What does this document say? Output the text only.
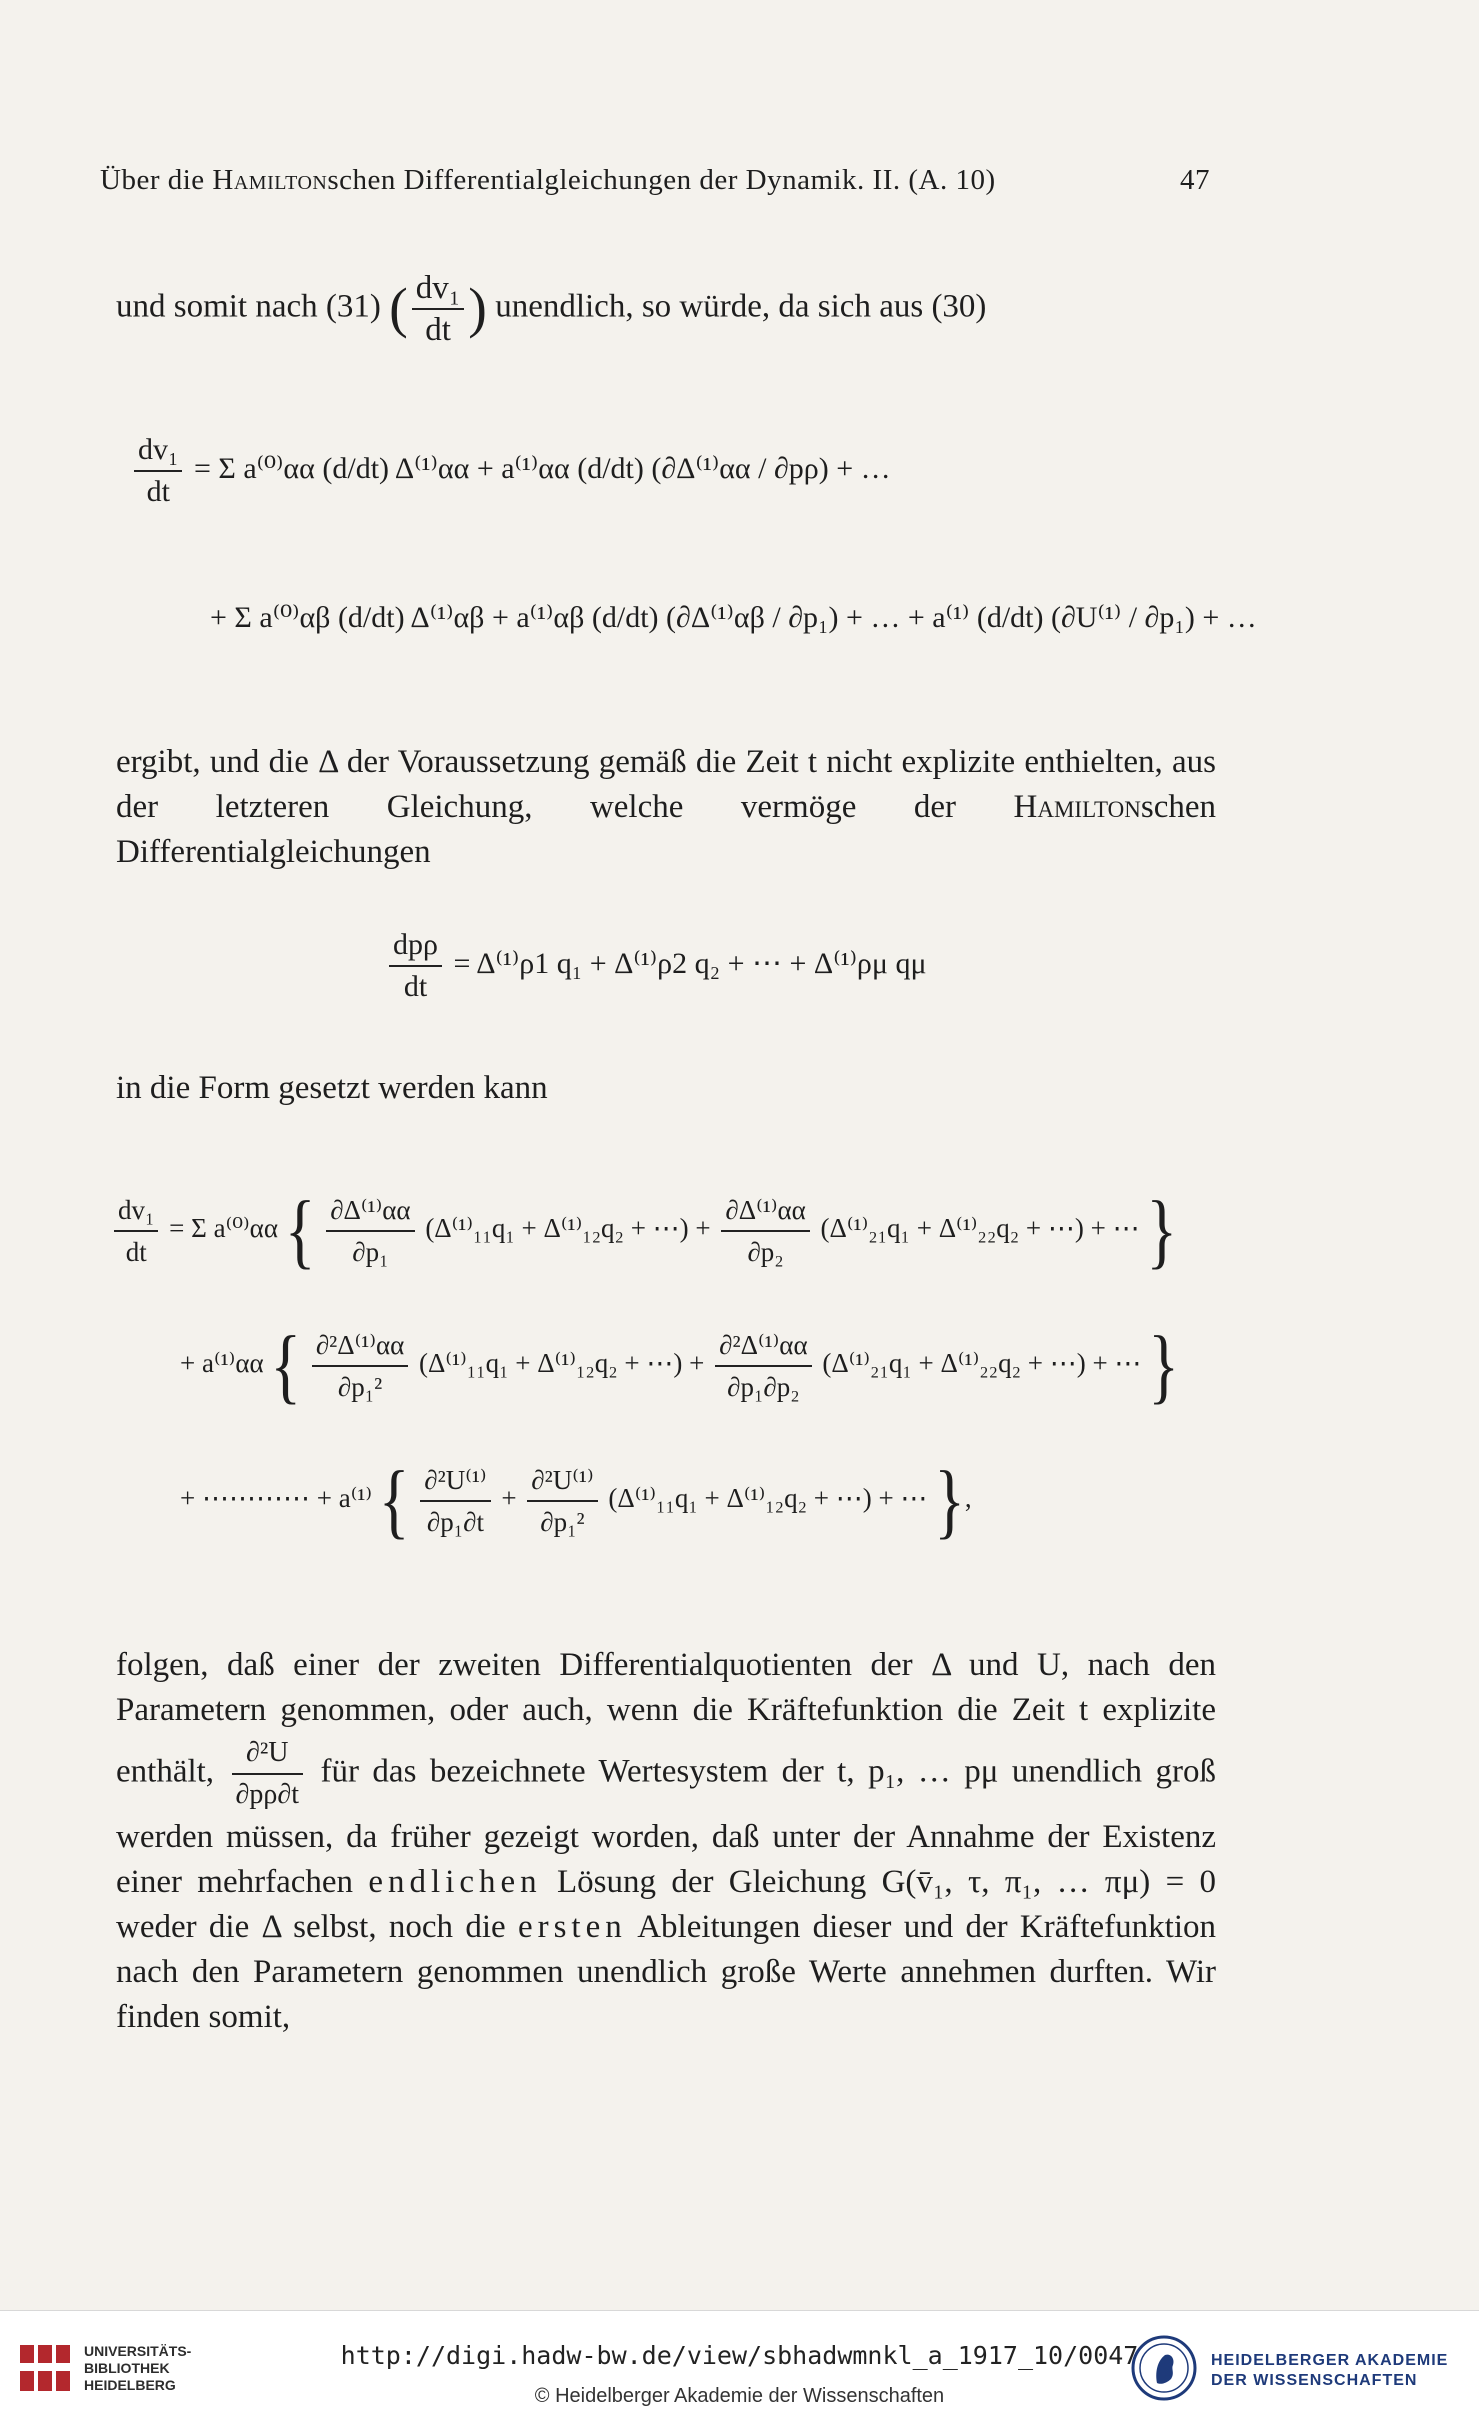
Über die Hamiltonschen Differentialgleichungen der Dynamik. II. (A. 10)	47
und somit nach (31) ( $\frac{\text{dv₁}}{dt}$ ) unendlich, so würde, da sich aus (30)
$\frac{\text{dv₁}}{dt} = \Sigma$ a⁽⁰⁾αα (d/dt) Δ⁽¹⁾αα + a⁽¹⁾αα (d/dt) (∂Δ⁽¹⁾αα / ∂pρ) + …
+ Σ a⁽⁰⁾αβ (d/dt) Δ⁽¹⁾αβ + a⁽¹⁾αβ (d/dt) (∂Δ⁽¹⁾αβ / ∂p₁) + … + a⁽¹⁾ (d/dt) (∂U⁽¹⁾ / ∂p₁) + …

ergibt, und die Δ der Voraussetzung gemäß die Zeit t nicht explizite enthielten, aus der letzteren Gleichung, welche vermöge der Hamiltonschen Differentialgleichungen

$\frac{\text{dpρ}}{dt} = \Delta^{(1)}\rho 1$ q₁ + Δ⁽¹⁾ρ2 q₂ + ⋯ + Δ⁽¹⁾ρμ qμ

in die Form gesetzt werden kann

$\frac{\text{dv₁}}{dt} = \Sigma$ a⁽⁰⁾αα { $\frac{\text{∂Δ⁽¹⁾αα}}{\text{∂p₁}} (\Delta^{(1)}_{11}q_1 + \Delta^{(1)}_{12}q_2$ + ⋯) + $\frac{\text{∂Δ⁽¹⁾αα}}{\text{∂p₂}} (\Delta^{(1)}_{21}q_1 + \Delta^{(1)}_{22}q_2$ + ⋯) + ⋯ }
+ a⁽¹⁾αα { $\frac{\text{∂²Δ⁽¹⁾αα}}{\text{∂p₁²}} (\Delta^{(1)}_{11}q_1 + \Delta^{(1)}_{12}q_2$ + ⋯) + $\frac{\text{∂²Δ⁽¹⁾αα}}{\text{∂p₁∂p₂}} (\Delta^{(1)}_{21}q_1 + \Delta^{(1)}_{22}q_2$ + ⋯) + ⋯ }
+ ⋯⋯⋯⋯ + a⁽¹⁾ { $\frac{\text{∂²U⁽¹⁾}}{\text{∂p₁∂t}} + \frac{\text{∂²U⁽¹⁾}}{\text{∂p₁²}} (\Delta^{(1)}_{11}q_1 + \Delta^{(1)}_{12}q_2$ + ⋯) + ⋯ },

folgen, daß einer der zweiten Differentialquotienten der Δ und U, nach den Parametern genommen, oder auch, wenn die Kräftefunktion die Zeit t explizite enthält, $\frac{\text{∂²U}}{\partial p\rho\partial t}$ für das bezeichnete Wertesystem der t, p₁, … pμ unendlich groß werden müssen, da früher gezeigt worden, daß unter der Annahme der Existenz einer mehrfachen endlichen Lösung der Gleichung G(v̄₁, τ, π₁, … πμ) = 0 weder die Δ selbst, noch die ersten Ableitungen dieser und der Kräftefunktion nach den Parametern genommen unendlich große Werte annehmen durften. Wir finden somit,

UNIVERSITÄTS-
BIBLIOTHEK
HEIDELBERG
http://digi.hadw-bw.de/view/sbhadwmnkl_a_1917_10/0047
© Heidelberger Akademie der Wissenschaften
HEIDELBERGER AKADEMIE
DER WISSENSCHAFTEN
